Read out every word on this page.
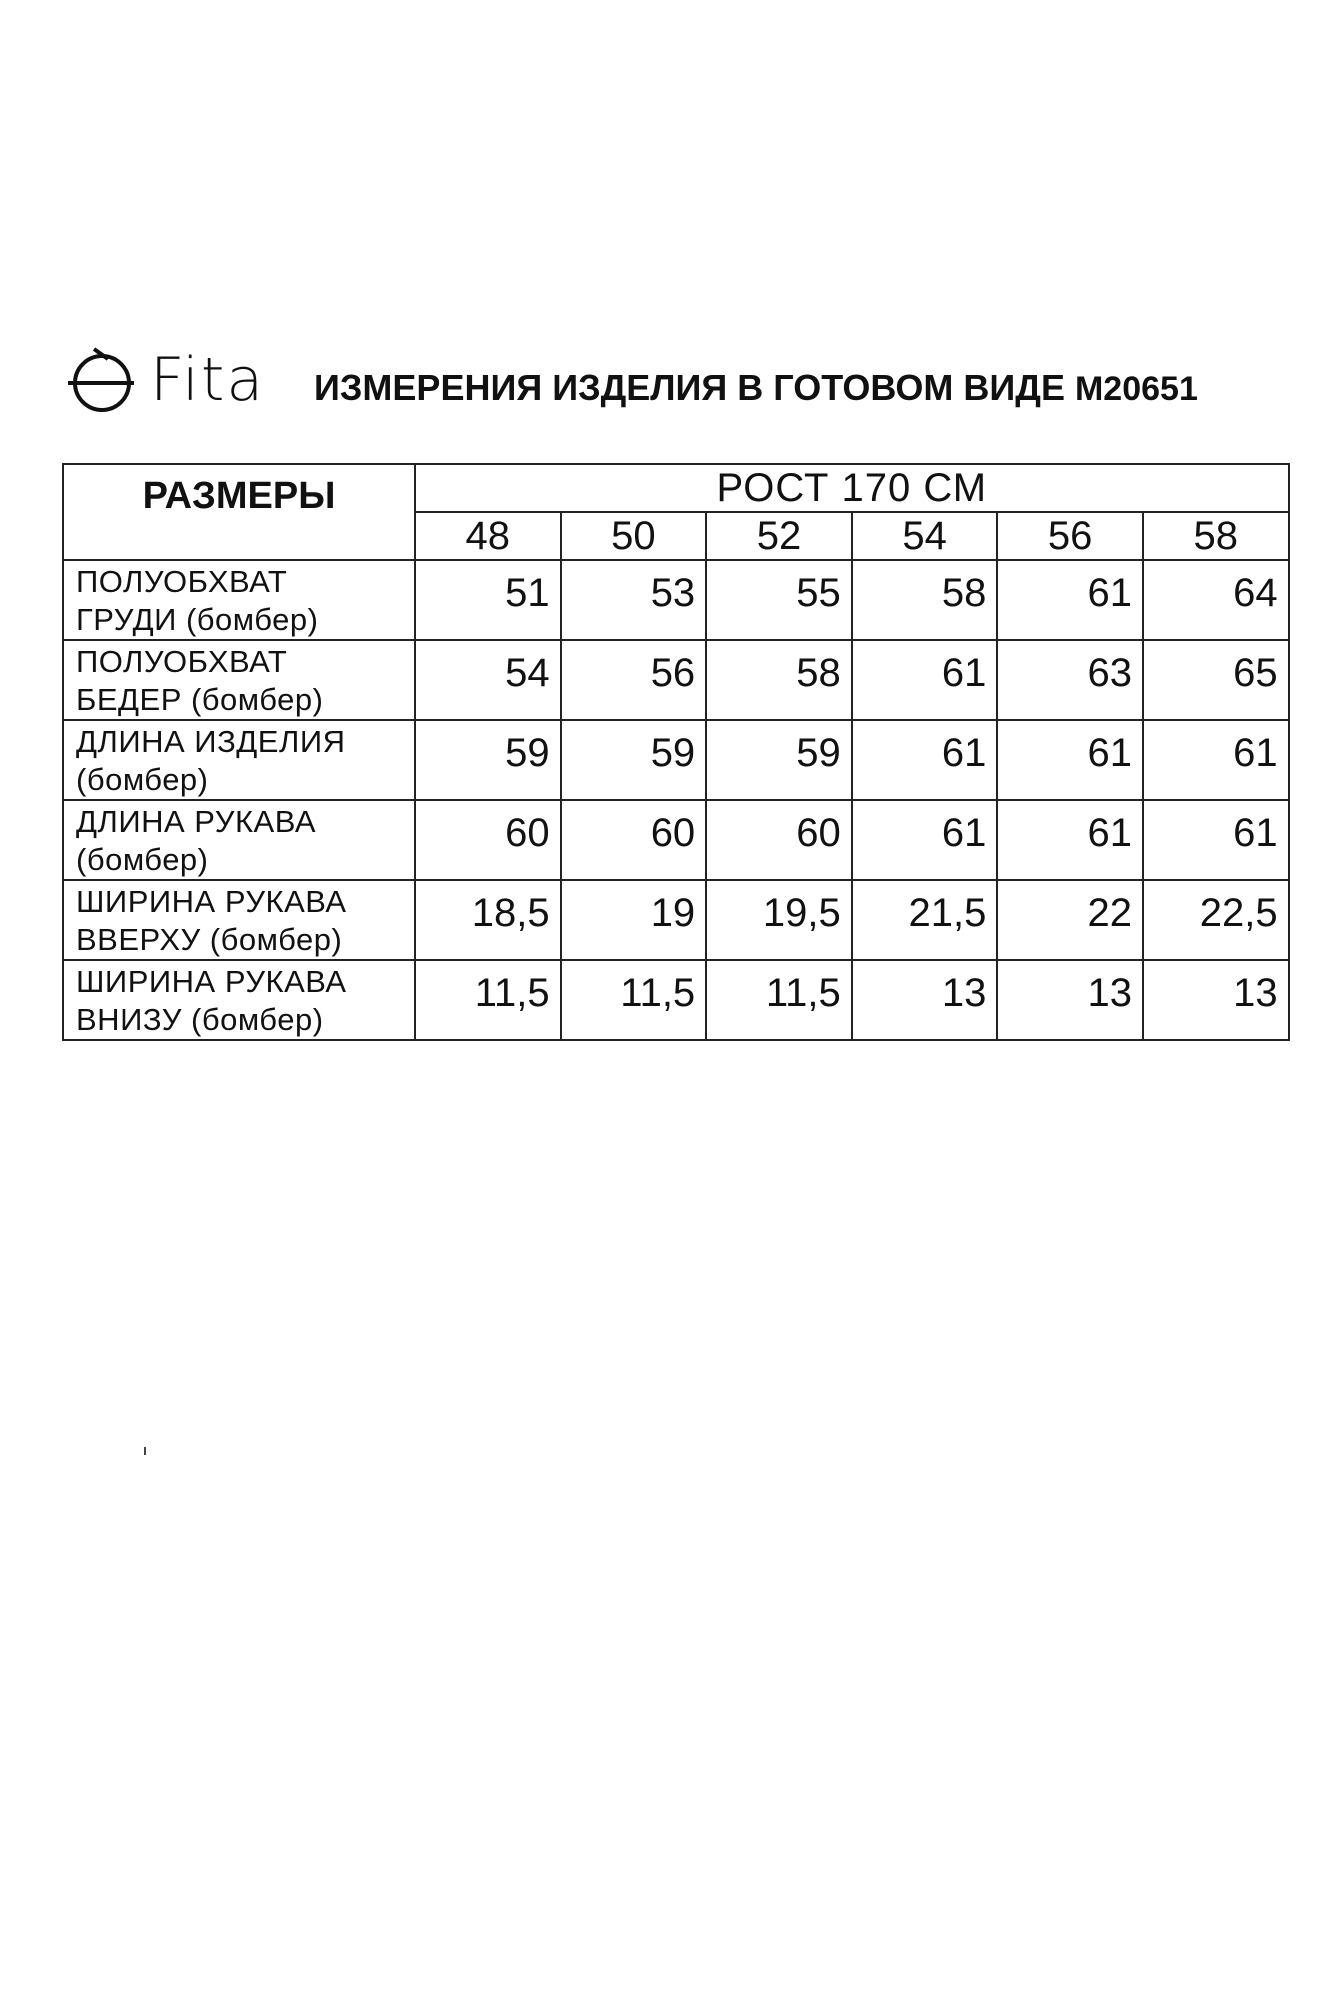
Fita ИЗМЕРЕНИЯ ИЗДЕЛИЯ В ГОТОВОМ ВИДЕ M20651
РАЗМЕРЫ	РОСТ 170 СМ					
	48	50	52	54	56	58

ПОЛУОБХВАТ
ГРУДИ (бомбер)	51	53	55	58	61	64

ПОЛУОБХВАТ
БЕДЕР (бомбер)	54	56	58	61	63	65

ДЛИНА ИЗДЕЛИЯ
(бомбер)	59	59	59	61	61	61

ДЛИНА РУКАВА
(бомбер)	60	60	60	61	61	61

ШИРИНА РУКАВА
ВВЕРХУ (бомбер)	18,5	19	19,5	21,5	22	22,5

ШИРИНА РУКАВА
ВНИЗУ (бомбер)	11,5	11,5	11,5	13	13	13
